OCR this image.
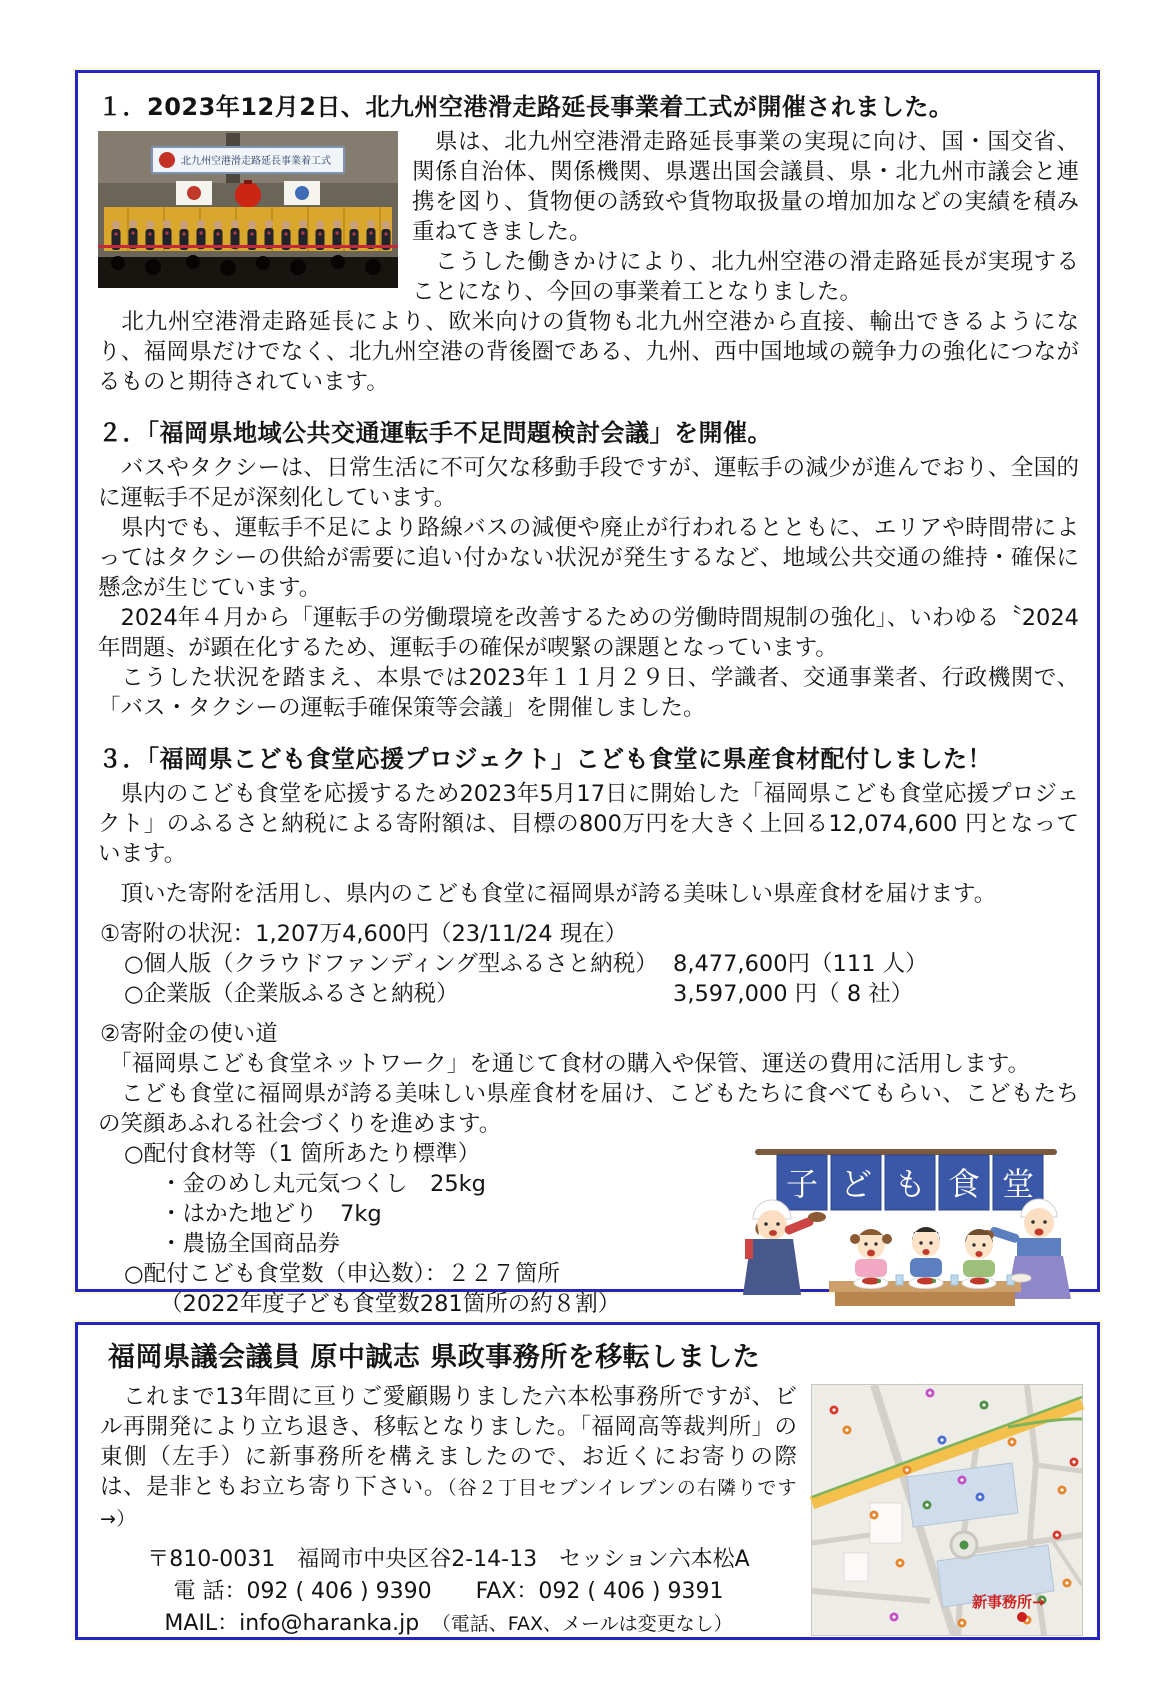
１．2023年12月2日、北九州空港滑走路延長事業着工式が開催されました。
北九州空港滑走路延長事業着工式

　県は、北九州空港滑走路延長事業の実現に向け、国・国交省、関係自治体、関係機関、県選出国会議員、県・北九州市議会と連携を図り、貨物便の誘致や貨物取扱量の増加加などの実績を積み重ねてきました。

　こうした働きかけにより、北九州空港の滑走路延長が実現することになり、今回の事業着工となりました。

　北九州空港滑走路延長により、欧米向けの貨物も北九州空港から直接、輸出できるようになり、福岡県だけでなく、北九州空港の背後圏である、九州、西中国地域の競争力の強化につながるものと期待されています。

２．「福岡県地域公共交通運転手不足問題検討会議」を開催。

　バスやタクシーは、日常生活に不可欠な移動手段ですが、運転手の減少が進んでおり、全国的に運転手不足が深刻化しています。

　県内でも、運転手不足により路線バスの減便や廃止が行われるとともに、エリアや時間帯によってはタクシーの供給が需要に追い付かない状況が発生するなど、地域公共交通の維持・確保に懸念が生じています。

　2024年４月から「運転手の労働環境を改善するための労働時間規制の強化」、いわゆる〝2024年問題〟が顕在化するため、運転手の確保が喫緊の課題となっています。

　こうした状況を踏まえ、本県では2023年１１月２９日、学識者、交通事業者、行政機関で、「バス・タクシーの運転手確保策等会議」を開催しました。

３．「福岡県こども食堂応援プロジェクト」こども食堂に県産食材配付しました！

　県内のこども食堂を応援するため2023年5月17日に開始した「福岡県こども食堂応援プロジェクト」のふるさと納税による寄附額は、目標の800万円を大きく上回る12,074,600 円となっています。

　頂いた寄附を活用し、県内のこども食堂に福岡県が誇る美味しい県産食材を届けます。

①寄附の状況：1,207万4,600円（23/11/24 現在）

○個人版（クラウドファンディング型ふるさと納税） 8,477,600円（111 人）
○企業版（企業版ふるさと納税）	3,597,000 円（ 8 社）

②寄附金の使い道

　「福岡県こども食堂ネットワーク」を通じて食材の購入や保管、運送の費用に活用します。

　こども食堂に福岡県が誇る美味しい県産食材を届け、こどもたちに食べてもらい、こどもたちの笑顔あふれる社会づくりを進めます。

子 ど も 食 堂

○配付食材等（1 箇所あたり標準）

・金のめし丸元気つくし　25kg

・はかた地どり　7kg

・農協全国商品券

○配付こども食堂数（申込数）：２２７箇所

（2022年度子ども食堂数281箇所の約８割）

福岡県議会議員 原中誠志 県政事務所を移転しました
新事務所→

　これまで13年間に亘りご愛顧賜りました六本松事務所ですが、ビル再開発により立ち退き、移転となりました。「福岡高等裁判所」の東側（左手）に新事務所を構えましたので、お近くにお寄りの際は、是非ともお立ち寄り下さい。（谷２丁目セブンイレブンの右隣りです→）

〒810-0031　福岡市中央区谷2-14-13　セッション六本松A
電 話：092 ( 406 ) 9390　　 FAX：092 ( 406 ) 9391
MAIL：info@haranka.jp　 （電話、FAX、メールは変更なし）
